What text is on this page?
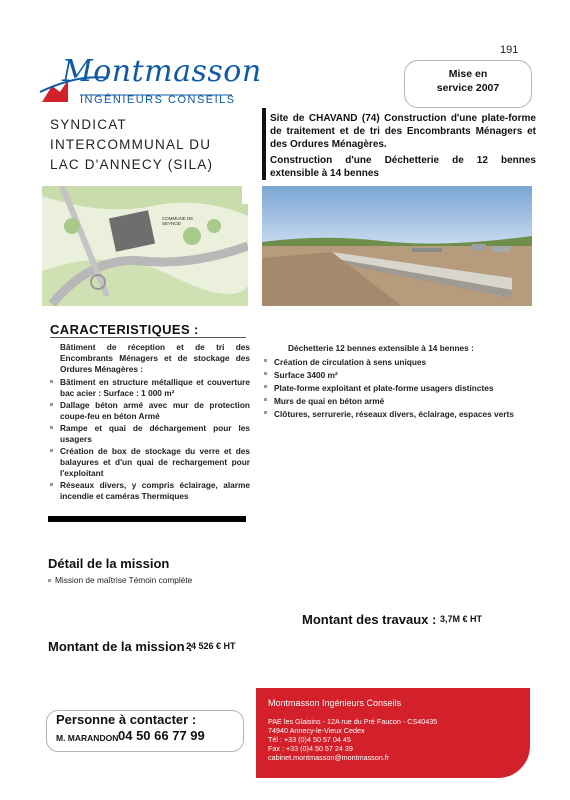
191
Montmasson
INGÉNIEURS CONSEILS
Mise en
service 2007
SYNDICAT
INTERCOMMUNAL DU
LAC D'ANNECY (SILA)

Site de CHAVAND (74) Construction d'une plate-forme de traitement et de tri des Encombrants Ménagers et des Ordures Ménagères.

Construction d'une Déchetterie de 12 bennes extensible à 14 bennes

COMMUNE DE SEYNOD
CARACTERISTIQUES :
Bâtiment de réception et de tri des Encombrants Ménagers et de stockage des Ordures Ménagères :
Bâtiment en structure métallique et couverture bac acier : Surface : 1 000 m²
Dallage béton armé avec mur de protection coupe-feu en béton Armé
Rampe et quai de déchargement pour les usagers
Création de box de stockage du verre et des balayures et d'un quai de rechargement pour l'exploitant
Réseaux divers, y compris éclairage, alarme incendie et caméras Thermiques
Déchetterie 12 bennes extensible à 14 bennes :
Création de circulation à sens uniques
Surface 3400 m²
Plate-forme exploitant et plate-forme usagers distinctes
Murs de quai en béton armé
Clôtures, serrurerie, réseaux divers, éclairage, espaces verts
Détail de la mission
Mission de maîtrise Témoin complète
Montant des travaux : 3,7M € HT
Montant de la mission :
24 526 € HT
Personne à contacter :
M. MARANDON 04 50 66 77 99
Montmasson Ingénieurs Conseils
PAE les Glaisins - 12A rue du Pré Faucon - CS40435
74940 Annecy-le-Vieux Cedex
Tél : +33 (0)4 50 57 04 45
Fax : +33 (0)4 50 57 24 39
cabinet.montmasson@montmasson.fr
